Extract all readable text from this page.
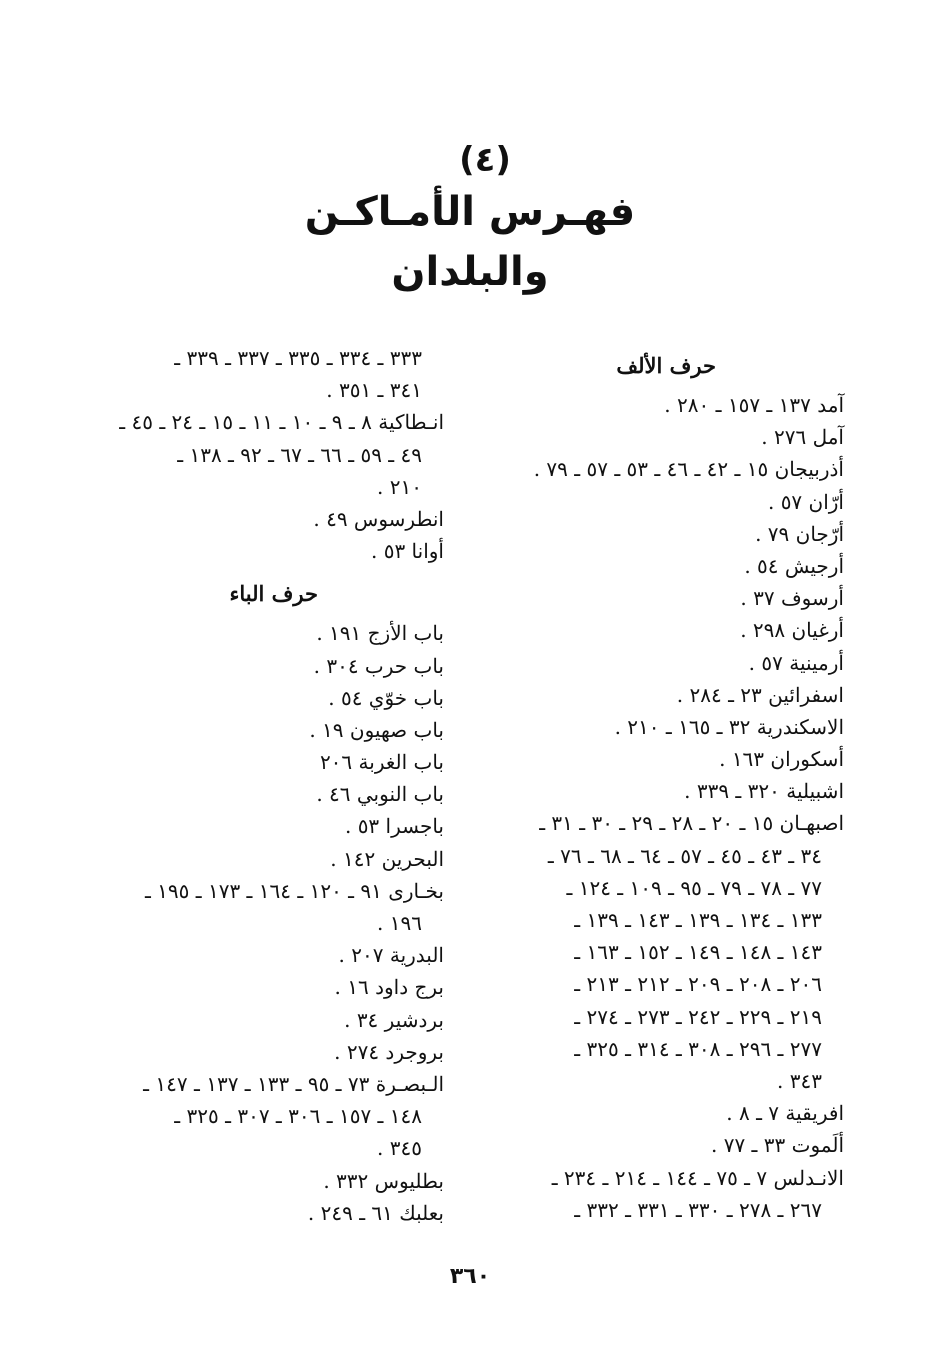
(٤)
فهـرس الأمـاكـن
والبلدان
حرف الألف
آمد ١٣٧ ـ ١٥٧ ـ ٢٨٠ .
آمل ٢٧٦ .
أذربيجان ١٥ ـ ٤٢ ـ ٤٦ ـ ٥٣ ـ ٥٧ ـ ٧٩ .
أرّان ٥٧ .
أرّجان ٧٩ .
أرجيش ٥٤ .
أرسوف ٣٧ .
أرغيان ٢٩٨ .
أرمينية ٥٧ .
اسفرائين ٢٣ ـ ٢٨٤ .
الاسكندرية ٣٢ ـ ١٦٥ ـ ٢١٠ .
أسكوران ١٦٣ .
اشبيلية ٣٢٠ ـ ٣٣٩ .
اصبهـان ١٥ ـ ٢٠ ـ ٢٨ ـ ٢٩ ـ ٣٠ ـ ٣١ ـ
٣٤ ـ ٤٣ ـ ٤٥ ـ ٥٧ ـ ٦٤ ـ ٦٨ ـ ٧٦ ـ
٧٧ ـ ٧٨ ـ ٧٩ ـ ٩٥ ـ ١٠٩ ـ ١٢٤ ـ
١٣٣ ـ ١٣٤ ـ ١٣٩ ـ ١٤٣ ـ ١٣٩ ـ
١٤٣ ـ ١٤٨ ـ ١٤٩ ـ ١٥٢ ـ ١٦٣ ـ
٢٠٦ ـ ٢٠٨ ـ ٢٠٩ ـ ٢١٢ ـ ٢١٣ ـ
٢١٩ ـ ٢٢٩ ـ ٢٤٢ ـ ٢٧٣ ـ ٢٧٤ ـ
٢٧٧ ـ ٢٩٦ ـ ٣٠٨ ـ ٣١٤ ـ ٣٢٥ ـ
٣٤٣ .
افريقية ٧ ـ ٨ .
ألَموت ٣٣ ـ ٧٧ .
الانـدلس ٧ ـ ٧٥ ـ ١٤٤ ـ ٢١٤ ـ ٢٣٤ ـ
٢٦٧ ـ ٢٧٨ ـ ٣٣٠ ـ ٣٣١ ـ ٣٣٢ ـ
٣٣٣ ـ ٣٣٤ ـ ٣٣٥ ـ ٣٣٧ ـ ٣٣٩ ـ
٣٤١ ـ ٣٥١ .
انـطاكية ٨ ـ ٩ ـ ١٠ ـ ١١ ـ ١٥ ـ ٢٤ ـ ٤٥ ـ
٤٩ ـ ٥٩ ـ ٦٦ ـ ٦٧ ـ ٩٢ ـ ١٣٨ ـ
٢١٠ .
انطرسوس ٤٩ .
أوانا ٥٣ .
حرف الباء
باب الأزج ١٩١ .
باب حرب ٣٠٤ .
باب خوّي ٥٤ .
باب صهيون ١٩ .
باب الغربة ٢٠٦
باب النوبي ٤٦ .
باجسرا ٥٣ .
البحرين ١٤٢ .
بخـارى ٩١ ـ ١٢٠ ـ ١٦٤ ـ ١٧٣ ـ ١٩٥ ـ
١٩٦ .
البدرية ٢٠٧ .
برج داود ١٦ .
بردشير ٣٤ .
بروجرد ٢٧٤ .
الـبصـرة ٧٣ ـ ٩٥ ـ ١٣٣ ـ ١٣٧ ـ ١٤٧ ـ
١٤٨ ـ ١٥٧ ـ ٣٠٦ ـ ٣٠٧ ـ ٣٢٥ ـ
٣٤٥ .
بطليوس ٣٣٢ .
بعلبك ٦١ ـ ٢٤٩ .
٣٦٠
